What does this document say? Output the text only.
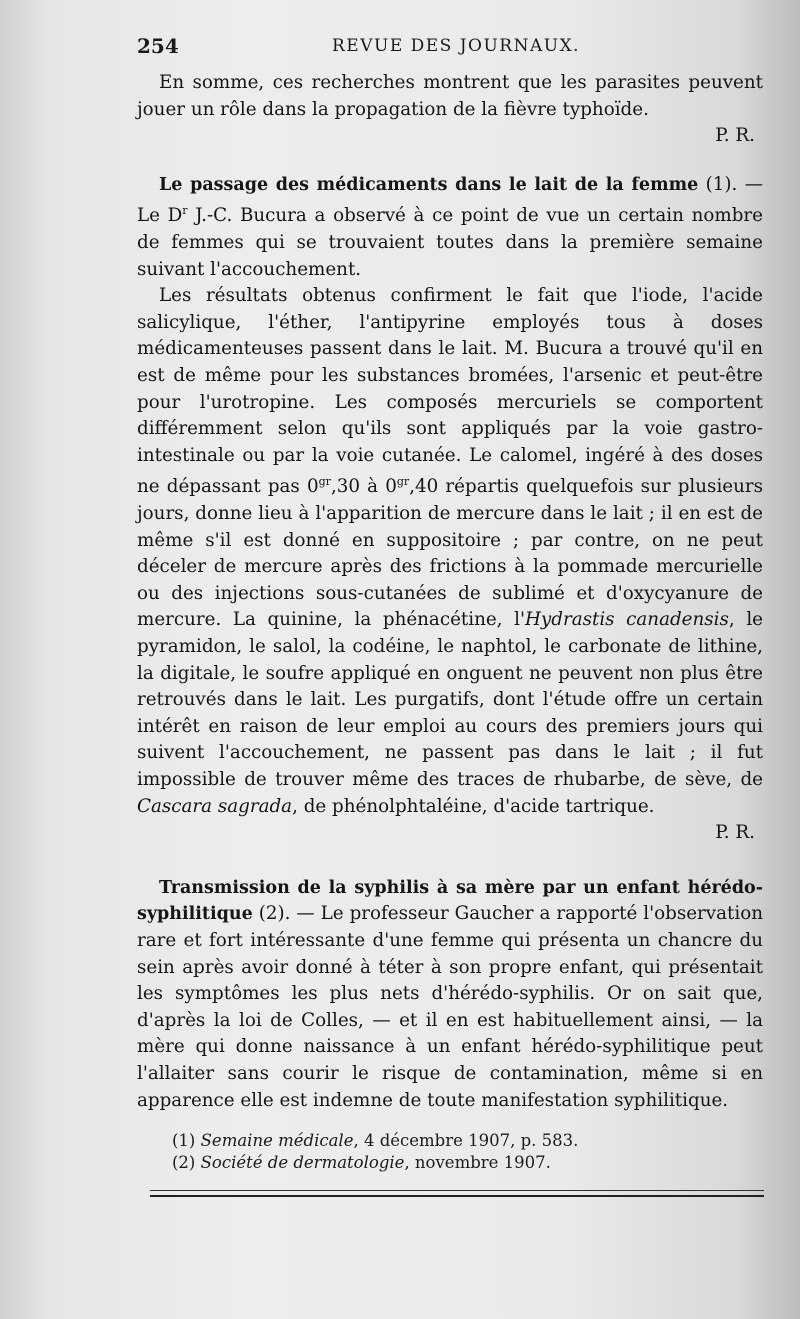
254	REVUE DES JOURNAUX.

En somme, ces recherches montrent que les parasites peuvent jouer un rôle dans la propagation de la fièvre typhoïde.

P. R.

Le passage des médicaments dans le lait de la femme (1). — Le $D^r$ J.-C. Bucura a observé à ce point de vue un certain nombre de femmes qui se trouvaient toutes dans la première semaine suivant l'accouchement.

Les résultats obtenus confirment le fait que l'iode, l'acide salicylique, l'éther, l'antipyrine employés tous à doses médicamenteuses passent dans le lait. M. Bucura a trouvé qu'il en est de même pour les substances bromées, l'arsenic et peut-être pour l'urotropine. Les composés mercuriels se comportent différemment selon qu'ils sont appliqués par la voie gastro-intestinale ou par la voie cutanée. Le calomel, ingéré à des doses ne dépassant pas $0^{gr},30$ à $0^{gr},40$ répartis quelquefois sur plusieurs jours, donne lieu à l'apparition de mercure dans le lait ; il en est de même s'il est donné en suppositoire ; par contre, on ne peut déceler de mercure après des frictions à la pommade mercurielle ou des injections sous-cutanées de sublimé et d'oxycyanure de mercure. La quinine, la phénacétine, l'Hydrastis canadensis, le pyramidon, le salol, la codéine, le naphtol, le carbonate de lithine, la digitale, le soufre appliqué en onguent ne peuvent non plus être retrouvés dans le lait. Les purgatifs, dont l'étude offre un certain intérêt en raison de leur emploi au cours des premiers jours qui suivent l'accouchement, ne passent pas dans le lait ; il fut impossible de trouver même des traces de rhubarbe, de sève, de Cascara sagrada, de phénolphtaléine, d'acide tartrique.

P. R.

Transmission de la syphilis à sa mère par un enfant hérédo-syphilitique (2). — Le professeur Gaucher a rapporté l'observation rare et fort intéressante d'une femme qui présenta un chancre du sein après avoir donné à téter à son propre enfant, qui présentait les symptômes les plus nets d'hérédo-syphilis. Or on sait que, d'après la loi de Colles, — et il en est habituellement ainsi, — la mère qui donne naissance à un enfant hérédo-syphilitique peut l'allaiter sans courir le risque de contamination, même si en apparence elle est indemne de toute manifestation syphilitique.

(1) Semaine médicale, 4 décembre 1907, p. 583.

(2) Société de dermatologie, novembre 1907.
